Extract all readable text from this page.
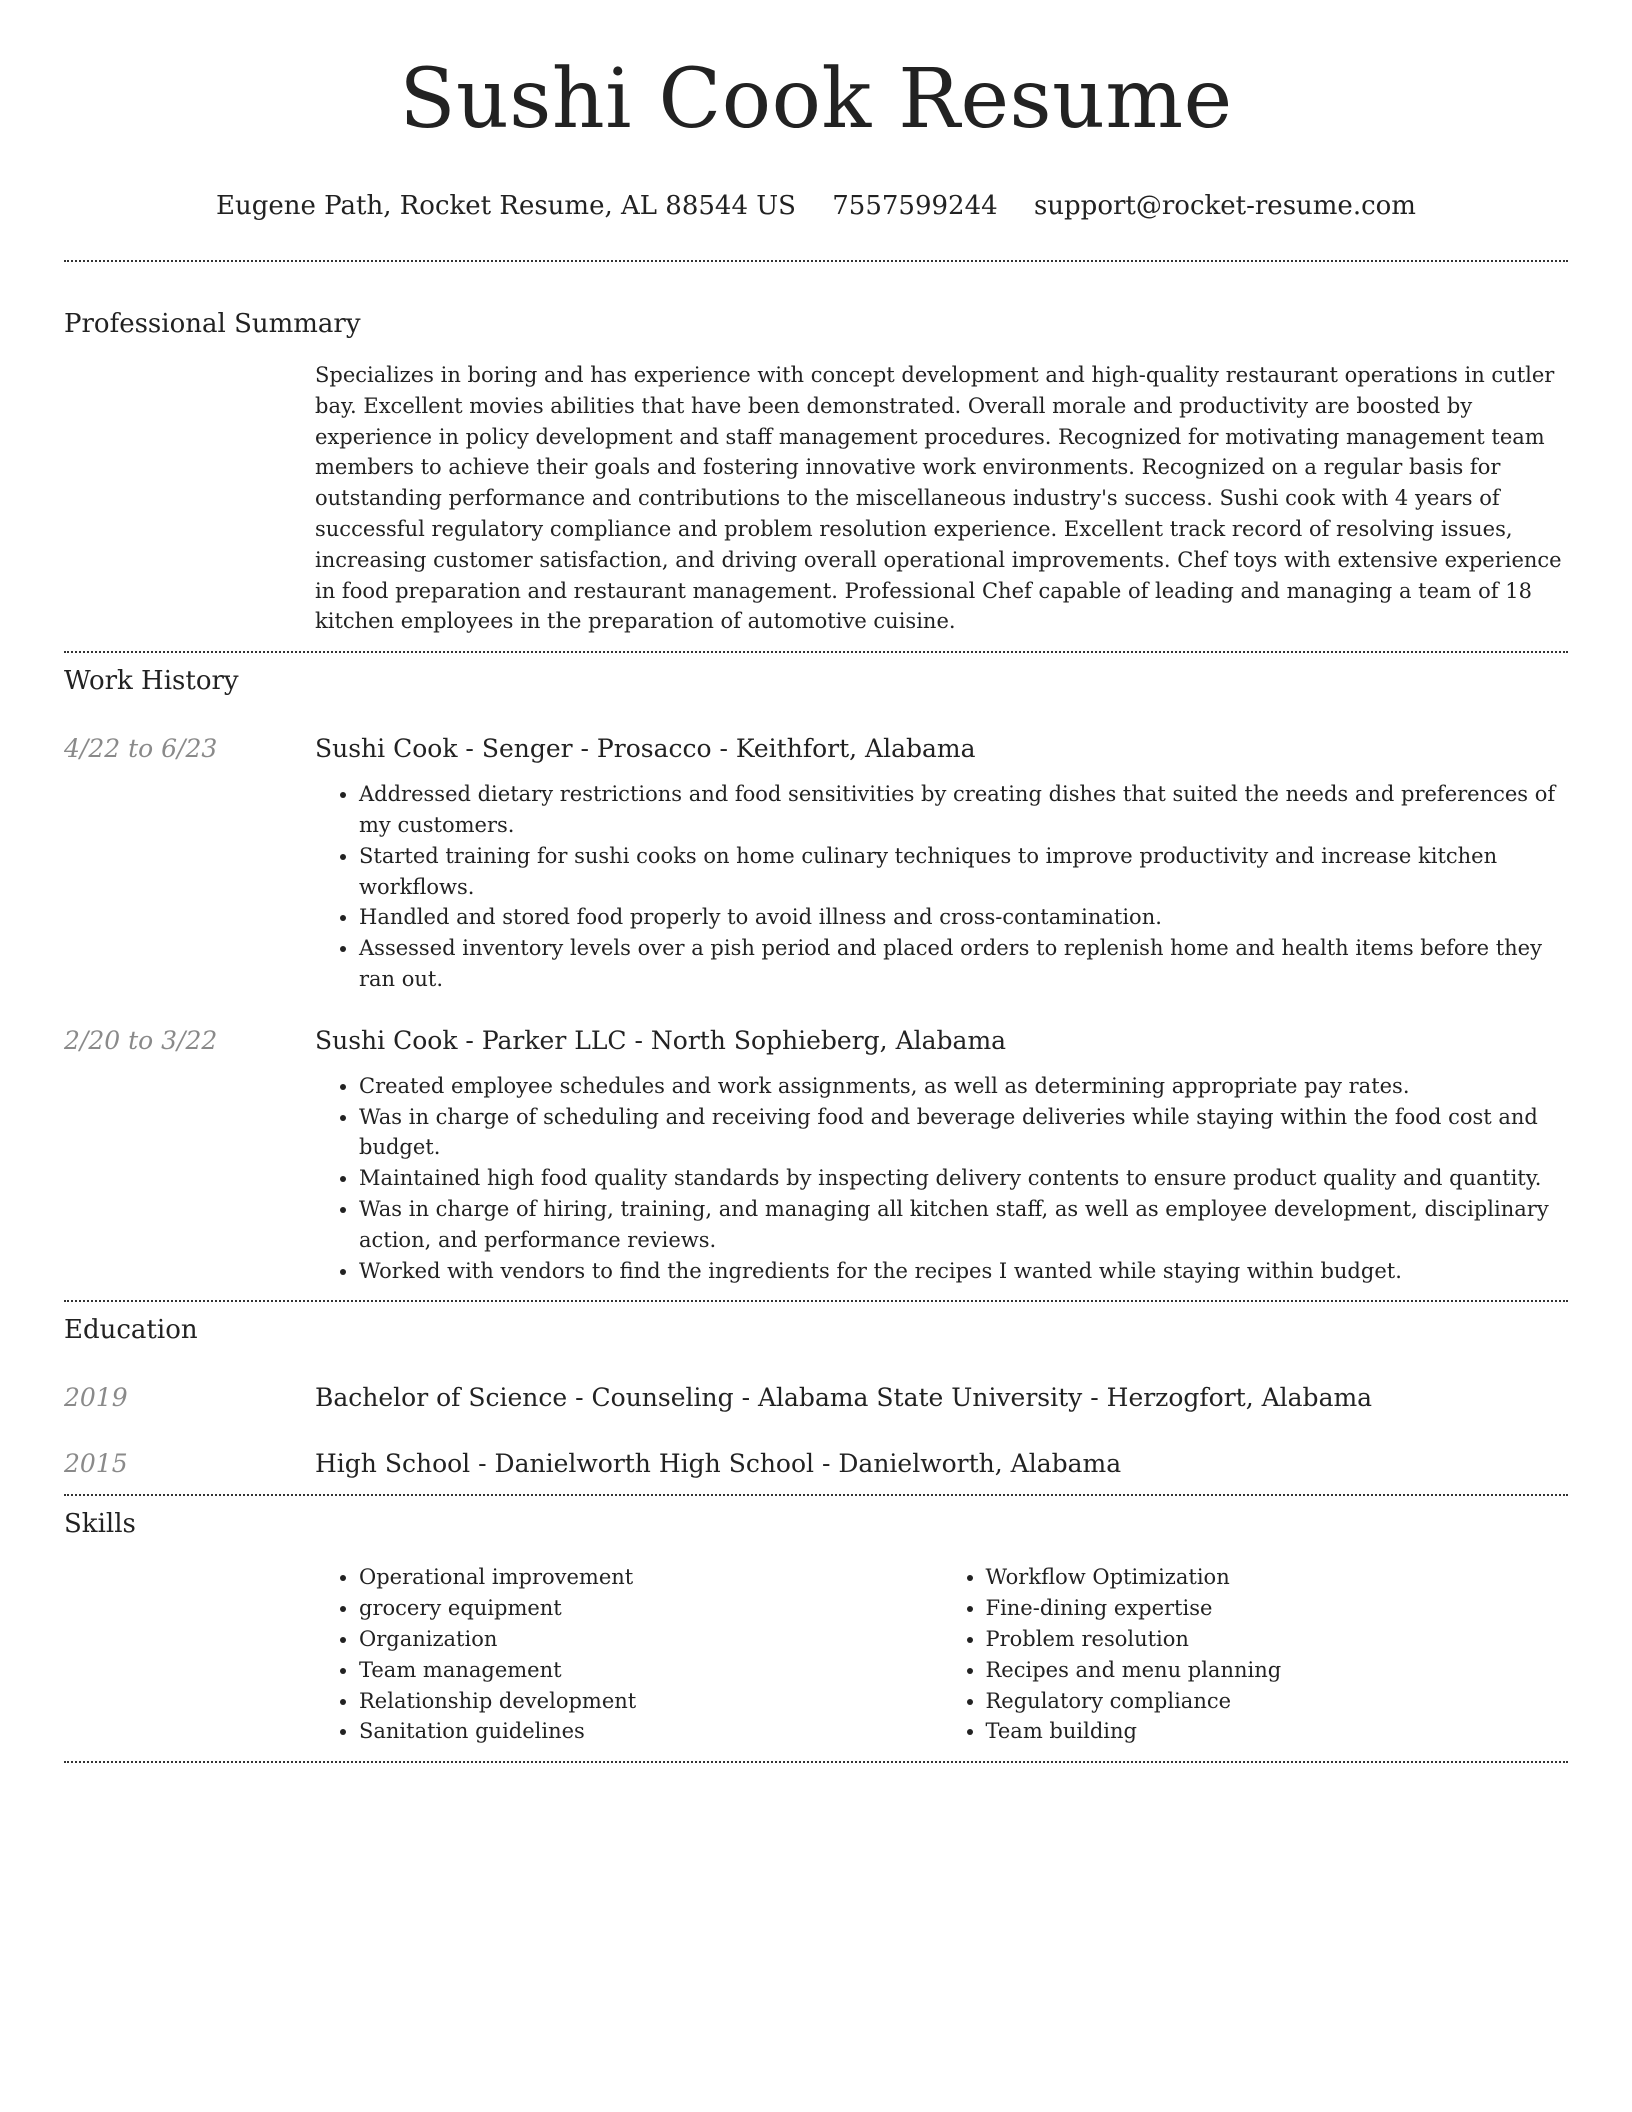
Sushi Cook Resume
Eugene Path, Rocket Resume, AL 88544 US 7557599244 support@rocket-resume.com
Professional Summary
Specializes in boring and has experience with concept development and high-quality restaurant operations in cutler bay. Excellent movies abilities that have been demonstrated. Overall morale and productivity are boosted by experience in policy development and staff management procedures. Recognized for motivating management team members to achieve their goals and fostering innovative work environments. Recognized on a regular basis for outstanding performance and contributions to the miscellaneous industry's success. Sushi cook with 4 years of successful regulatory compliance and problem resolution experience. Excellent track record of resolving issues, increasing customer satisfaction, and driving overall operational improvements. Chef toys with extensive experience in food preparation and restaurant management. Professional Chef capable of leading and managing a team of 18 kitchen employees in the preparation of automotive cuisine.
Work History
4/22 to 6/23	Sushi Cook - Senger - Prosacco - Keithfort, Alabama
• Addressed dietary restrictions and food sensitivities by creating dishes that suited the needs and preferences of my customers.
• Started training for sushi cooks on home culinary techniques to improve productivity and increase kitchen workflows.
• Handled and stored food properly to avoid illness and cross-contamination.
• Assessed inventory levels over a pish period and placed orders to replenish home and health items before they ran out.
2/20 to 3/22	Sushi Cook - Parker LLC - North Sophieberg, Alabama
• Created employee schedules and work assignments, as well as determining appropriate pay rates.
• Was in charge of scheduling and receiving food and beverage deliveries while staying within the food cost and budget.
• Maintained high food quality standards by inspecting delivery contents to ensure product quality and quantity.
• Was in charge of hiring, training, and managing all kitchen staff, as well as employee development, disciplinary action, and performance reviews.
• Worked with vendors to find the ingredients for the recipes I wanted while staying within budget.
Education
2019	Bachelor of Science - Counseling - Alabama State University - Herzogfort, Alabama
2015	High School - Danielworth High School - Danielworth, Alabama
Skills
• Operational improvement
• grocery equipment
• Organization
• Team management
• Relationship development
• Sanitation guidelines
• Workflow Optimization
• Fine-dining expertise
• Problem resolution
• Recipes and menu planning
• Regulatory compliance
• Team building
